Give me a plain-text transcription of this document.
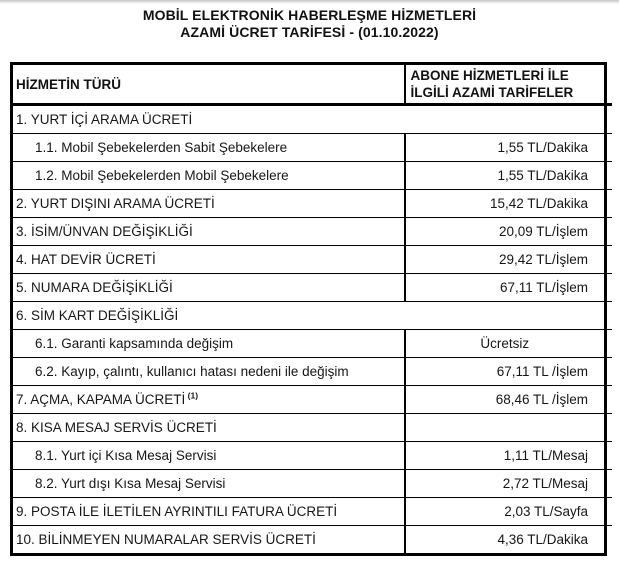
MOBİL ELEKTRONİK HABERLEŞME HİZMETLERİ
AZAMİ ÜCRET TARİFESİ - (01.10.2022)
HİZMETİN TÜRÜ	ABONE HİZMETLERİ İLE
İLGİLİ AZAMİ TARİFELER	

1. YURT İÇİ ARAMA ÜCRETİ		
1.1. Mobil Şebekelerden Sabit Şebekelere	1,55 TL/Dakika	
1.2. Mobil Şebekelerden Mobil Şebekelere	1,55 TL/Dakika	
2. YURT DIŞINI ARAMA ÜCRETİ	15,42 TL/Dakika	
3. İSİM/ÜNVAN DEĞİŞİKLİĞİ	20,09 TL/İşlem	
4. HAT DEVİR ÜCRETİ	29,42 TL/İşlem	
5. NUMARA DEĞİŞİKLİĞİ	67,11 TL/İşlem	
6. SİM KART DEĞİŞİKLİĞİ		
6.1. Garanti kapsamında değişim	Ücretsiz	
6.2. Kayıp, çalıntı, kullanıcı hatası nedeni ile değişim	67,11 TL /İşlem	
7. AÇMA, KAPAMA ÜCRETİ $^{(1)}$	68,46 TL /İşlem	
8. KISA MESAJ SERVİS ÜCRETİ		
8.1. Yurt içi Kısa Mesaj Servisi	1,11 TL/Mesaj	
8.2. Yurt dışı Kısa Mesaj Servisi	2,72 TL/Mesaj	
9. POSTA İLE İLETİLEN AYRINTILI FATURA ÜCRETİ	2,03 TL/Sayfa	
10. BİLİNMEYEN NUMARALAR SERVİS ÜCRETİ	4,36 TL/Dakika	
